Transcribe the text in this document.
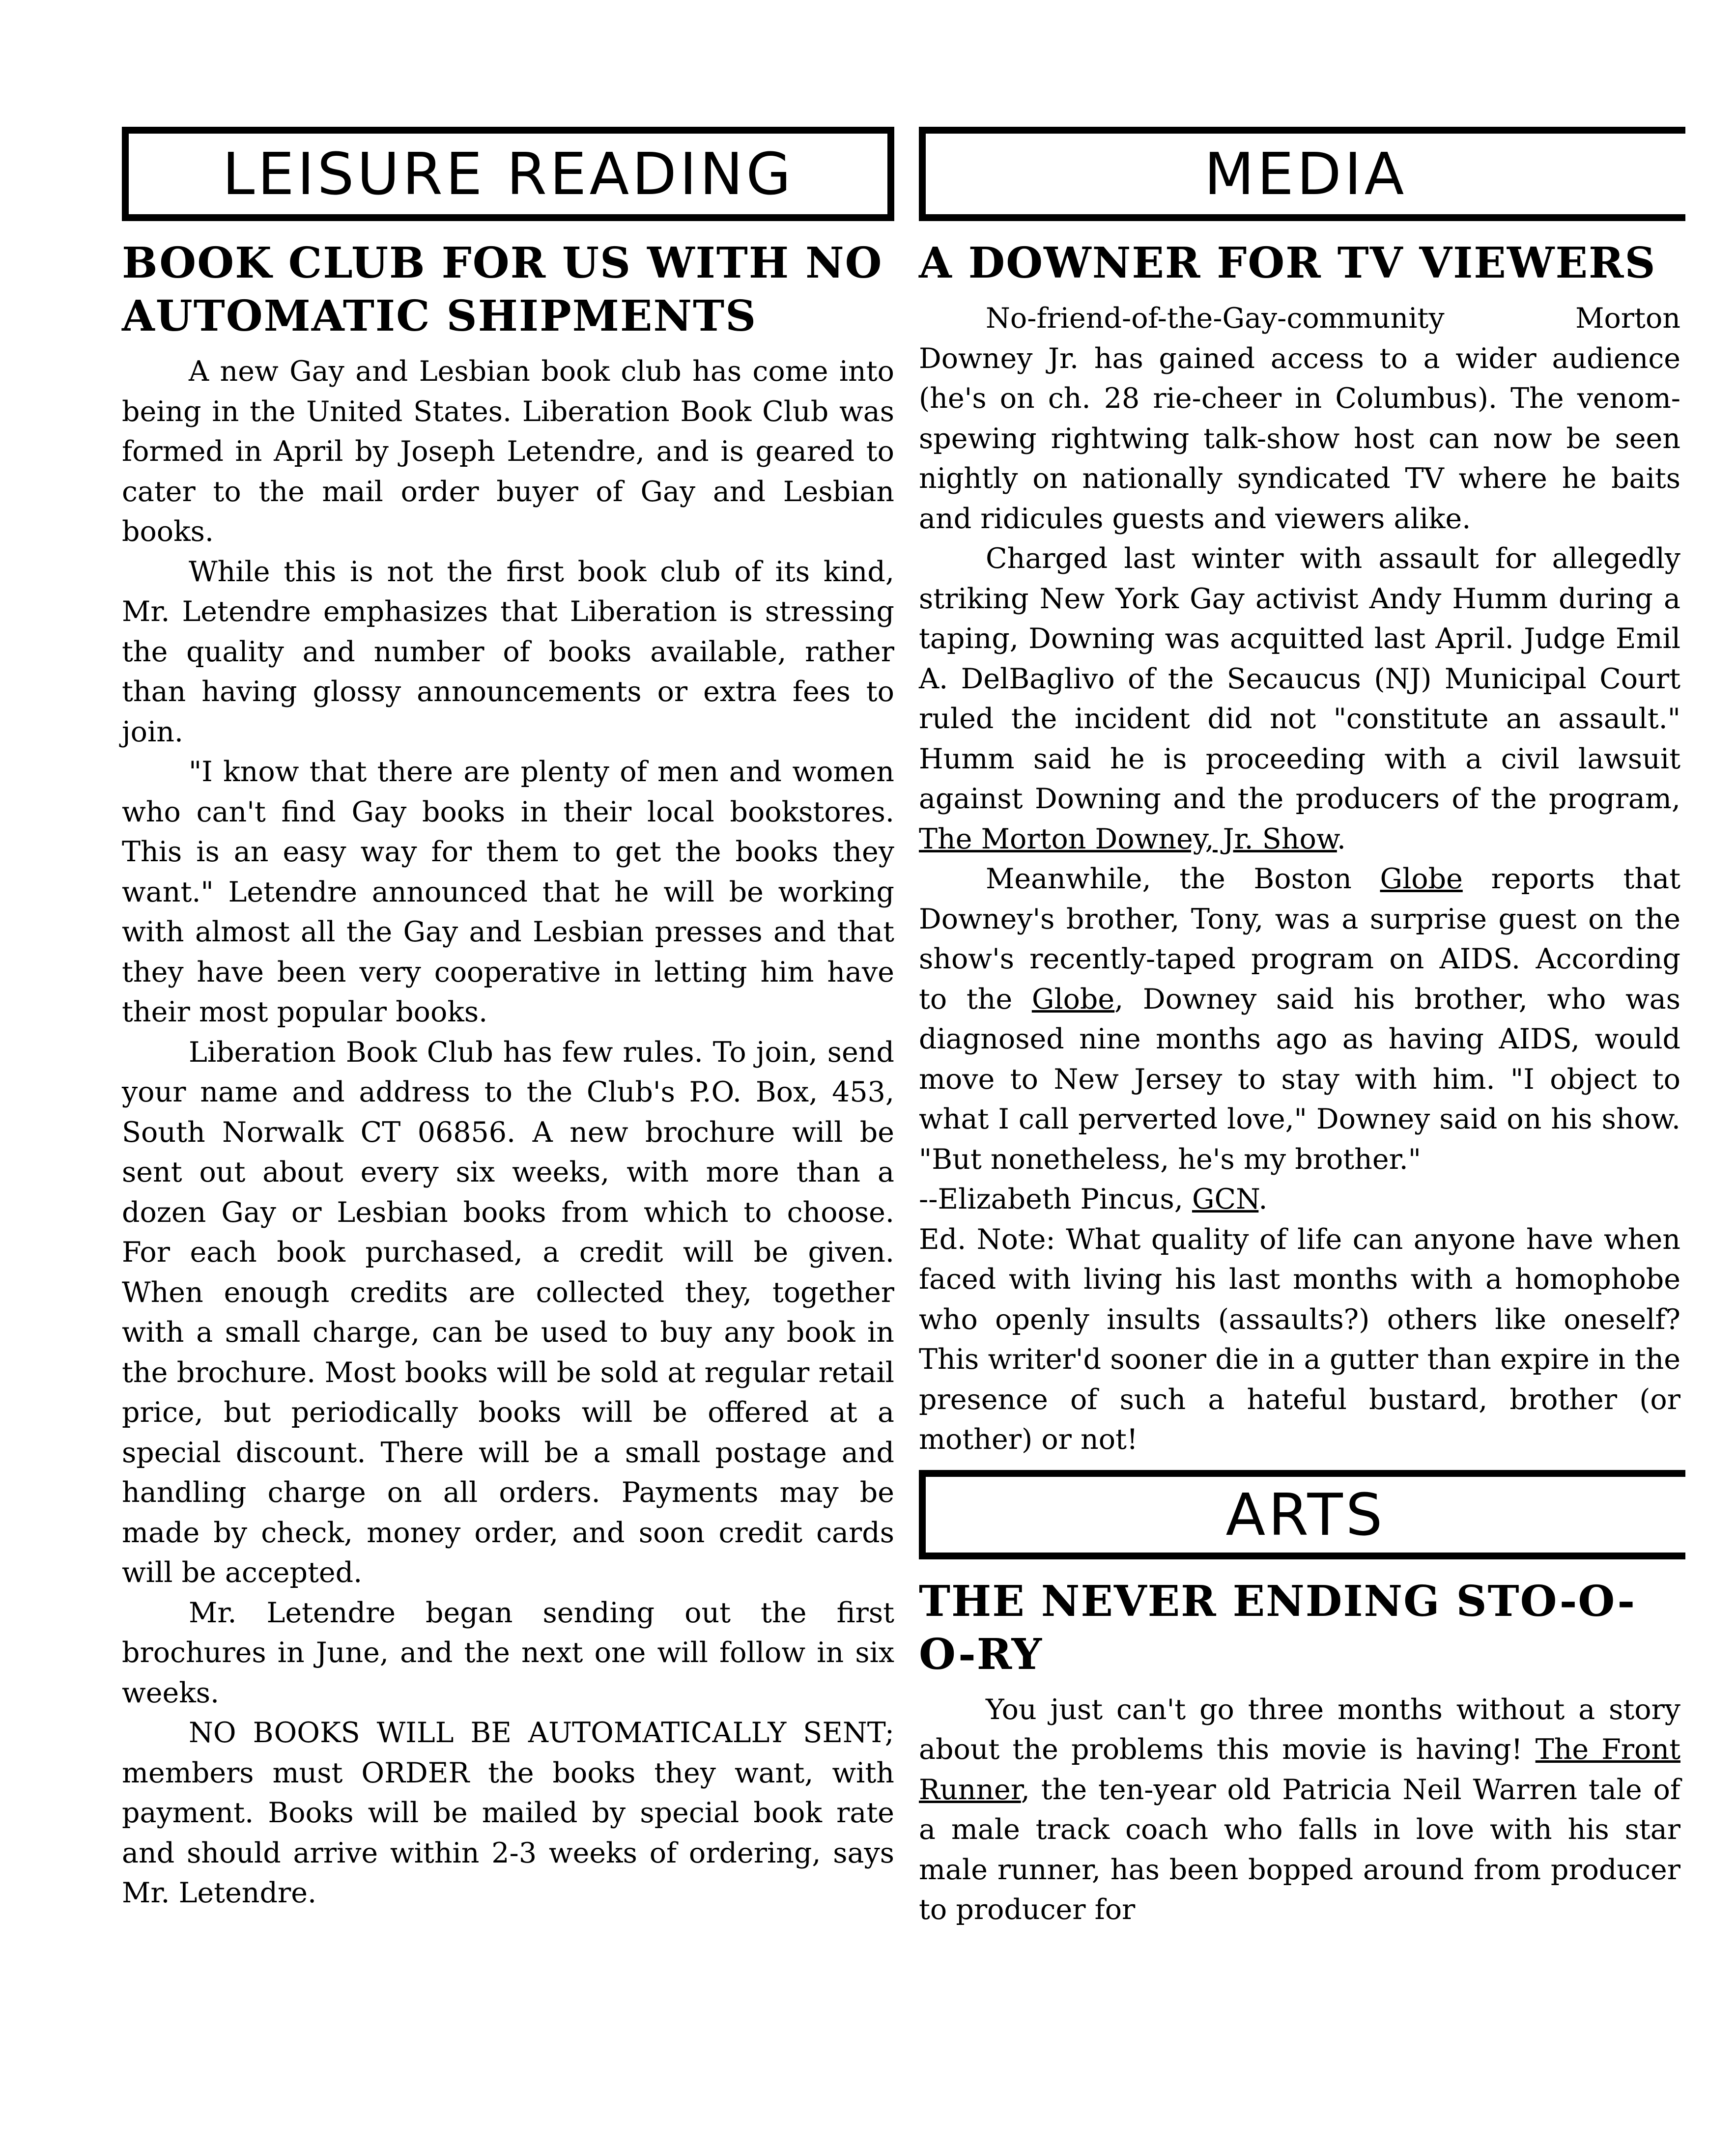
LEISURE READING
BOOK CLUB FOR US WITH NO AUTOMATIC SHIPMENTS

A new Gay and Lesbian book club has come into being in the United States. Liberation Book Club was formed in April by Joseph Letendre, and is geared to cater to the mail order buyer of Gay and Lesbian books.

While this is not the first book club of its kind, Mr. Letendre emphasizes that Liberation is stressing the quality and number of books available, rather than having glossy announcements or extra fees to join.

"I know that there are plenty of men and women who can't find Gay books in their local bookstores. This is an easy way for them to get the books they want." Letendre announced that he will be working with almost all the Gay and Lesbian presses and that they have been very cooperative in letting him have their most popular books.

Liberation Book Club has few rules. To join, send your name and address to the Club's P.O. Box, 453, South Norwalk CT 06856. A new brochure will be sent out about every six weeks, with more than a dozen Gay or Lesbian books from which to choose. For each book purchased, a credit will be given. When enough credits are collected they, together with a small charge, can be used to buy any book in the brochure. Most books will be sold at regular retail price, but periodically books will be offered at a special discount. There will be a small postage and handling charge on all orders. Payments may be made by check, money order, and soon credit cards will be accepted.

Mr. Letendre began sending out the first brochures in June, and the next one will follow in six weeks.

NO BOOKS WILL BE AUTOMATICALLY SENT; members must ORDER the books they want, with payment. Books will be mailed by special book rate and should arrive within 2-3 weeks of ordering, says Mr. Letendre.

MEDIA
A DOWNER FOR TV VIEWERS

No-friend-of-the-Gay-community Morton Downey Jr. has gained access to a wider audience (he's on ch. 28 rie-cheer in Columbus). The venom-spewing rightwing talk-show host can now be seen nightly on nationally syndicated TV where he baits and ridicules guests and viewers alike.

Charged last winter with assault for allegedly striking New York Gay activist Andy Humm during a taping, Downing was acquitted last April. Judge Emil A. DelBaglivo of the Secaucus (NJ) Municipal Court ruled the incident did not "constitute an assault." Humm said he is proceeding with a civil lawsuit against Downing and the producers of the program, The Morton Downey, Jr. Show.

Meanwhile, the Boston Globe reports that Downey's brother, Tony, was a surprise guest on the show's recently-taped program on AIDS. According to the Globe, Downey said his brother, who was diagnosed nine months ago as having AIDS, would move to New Jersey to stay with him. "I object to what I call perverted love," Downey said on his show. "But nonetheless, he's my brother."

--Elizabeth Pincus, GCN.

Ed. Note: What quality of life can anyone have when faced with living his last months with a homophobe who openly insults (assaults?) others like oneself? This writer'd sooner die in a gutter than expire in the presence of such a hateful bustard, brother (or mother) or not!

ARTS
THE NEVER ENDING STO-O-O-RY

You just can't go three months without a story about the problems this movie is having! The Front Runner, the ten-year old Patricia Neil Warren tale of a male track coach who falls in love with his star male runner, has been bopped around from producer to producer for
